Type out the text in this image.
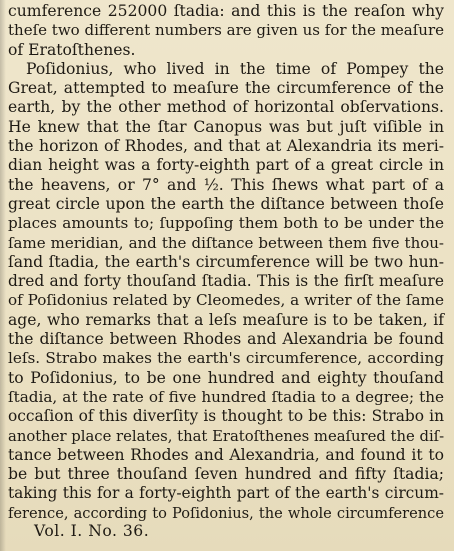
cumference 252000 ſtadia: and this is the reaſon why
theſe two different numbers are given us for the meaſure
of Eratoſthenes.
Poſidonius, who lived in the time of Pompey the
Great, attempted to meaſure the circumference of the
earth, by the other method of horizontal obſervations.
He knew that the ſtar Canopus was but juſt viſible in
the horizon of Rhodes, and that at Alexandria its meri-
dian height was a forty-eighth part of a great circle in
the heavens, or 7° and ½. This ſhews what part of a
great circle upon the earth the diſtance between thoſe
places amounts to; ſuppoſing them both to be under the
ſame meridian, and the diſtance between them five thou-
ſand ſtadia, the earth's circumference will be two hun-
dred and forty thouſand ſtadia. This is the firſt meaſure
of Poſidonius related by Cleomedes, a writer of the ſame
age, who remarks that a leſs meaſure is to be taken, if
the diſtance between Rhodes and Alexandria be found
leſs. Strabo makes the earth's circumference, according
to Poſidonius, to be one hundred and eighty thouſand
ſtadia, at the rate of five hundred ſtadia to a degree; the
occaſion of this diverſity is thought to be this: Strabo in
another place relates, that Eratoſthenes meaſured the diſ-
tance between Rhodes and Alexandria, and found it to
be but three thouſand ſeven hundred and fifty ſtadia;
taking this for a forty-eighth part of the earth's circum-
ference, according to Poſidonius, the whole circumference
Vol. I. No. 36.
